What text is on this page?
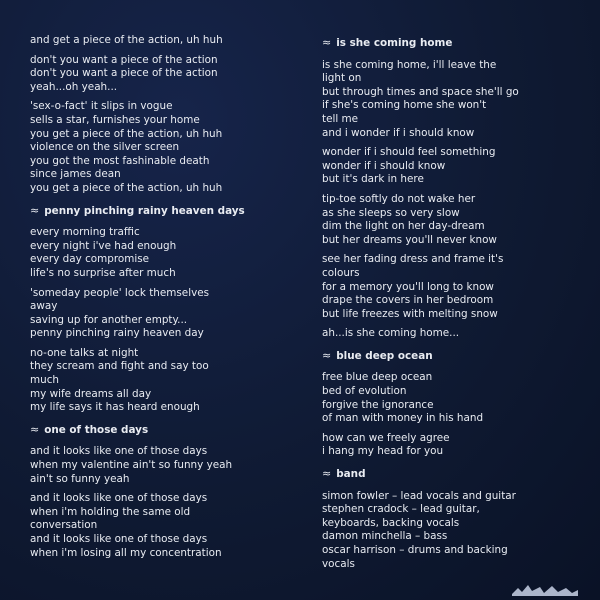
and get a piece of the action, uh huh
don't you want a piece of the action
don't you want a piece of the action
yeah...oh yeah...
'sex-o-fact' it slips in vogue
sells a star, furnishes your home
you get a piece of the action, uh huh
violence on the silver screen
you got the most fashinable death
since james dean
you get a piece of the action, uh huh
≈ penny pinching rainy heaven days
every morning traffic
every night i've had enough
every day compromise
life's no surprise after much
'someday people' lock themselves
away
saving up for another empty...
penny pinching rainy heaven day
no-one talks at night
they scream and fight and say too
much
my wife dreams all day
my life says it has heard enough
≈ one of those days
and it looks like one of those days
when my valentine ain't so funny yeah
ain't so funny yeah
and it looks like one of those days
when i'm holding the same old
conversation
and it looks like one of those days
when i'm losing all my concentration
≈ is she coming home
is she coming home, i'll leave the
light on
but through times and space she'll go
if she's coming home she won't
tell me
and i wonder if i should know
wonder if i should feel something
wonder if i should know
but it's dark in here
tip-toe softly do not wake her
as she sleeps so very slow
dim the light on her day-dream
but her dreams you'll never know
see her fading dress and frame it's
colours
for a memory you'll long to know
drape the covers in her bedroom
but life freezes with melting snow
ah...is she coming home...
≈ blue deep ocean
free blue deep ocean
bed of evolution
forgive the ignorance
of man with money in his hand
how can we freely agree
i hang my head for you
≈ band
simon fowler – lead vocals and guitar
stephen cradock – lead guitar,
keyboards, backing vocals
damon minchella – bass
oscar harrison – drums and backing
vocals
